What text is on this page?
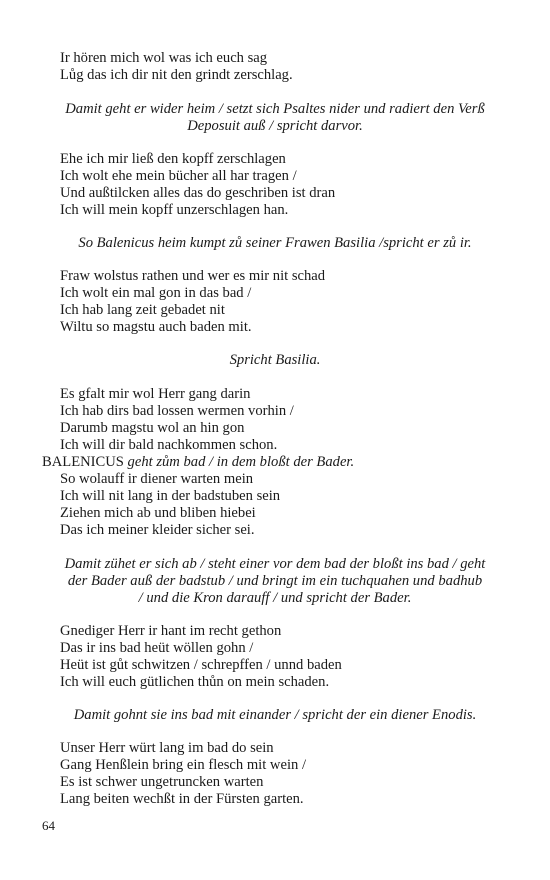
Ir hören mich wol was ich euch sag
Lůg das ich dir nit den grindt zerschlag.
Damit geht er wider heim / setzt sich Psaltes nider und radiert den Verß
Deposuit auß / spricht darvor.
Ehe ich mir ließ den kopff zerschlagen
Ich wolt ehe mein bücher all har tragen /
Und außtilcken alles das do geschriben ist dran
Ich will mein kopff unzerschlagen han.
So Balenicus heim kumpt zů seiner Frawen Basilia /spricht er zů ir.
Fraw wolstus rathen und wer es mir nit schad
Ich wolt ein mal gon in das bad /
Ich hab lang zeit gebadet nit
Wiltu so magstu auch baden mit.
Spricht Basilia.
Es gfalt mir wol Herr gang darin
Ich hab dirs bad lossen wermen vorhin /
Darumb magstu wol an hin gon
Ich will dir bald nachkommen schon.
BALENICUS geht zům bad / in dem bloßt der Bader.
So wolauff ir diener warten mein
Ich will nit lang in der badstuben sein
Ziehen mich ab und bliben hiebei
Das ich meiner kleider sicher sei.
Damit zühet er sich ab / steht einer vor dem bad der bloßt ins bad / geht
der Bader auß der badstub / und bringt im ein tuchquahen und badhub
/ und die Kron darauff / und spricht der Bader.
Gnediger Herr ir hant im recht gethon
Das ir ins bad heüt wöllen gohn /
Heüt ist gůt schwitzen / schrepffen / unnd baden
Ich will euch gütlichen thůn on mein schaden.
Damit gohnt sie ins bad mit einander / spricht der ein diener Enodis.
Unser Herr würt lang im bad do sein
Gang Henßlein bring ein flesch mit wein /
Es ist schwer ungetruncken warten
Lang beiten wechßt in der Fürsten garten.
64
